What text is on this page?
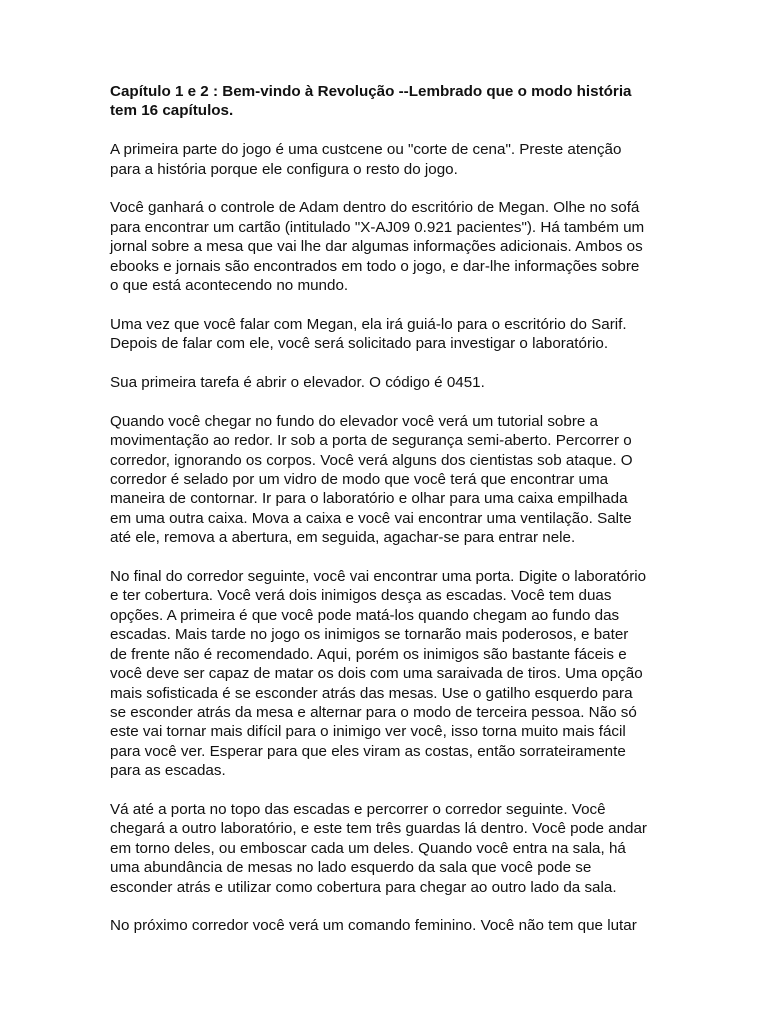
Capítulo 1 e 2 : Bem-vindo à Revolução --Lembrado que o modo história
tem 16 capítulos.

A primeira parte do jogo é uma custcene ou "corte de cena". Preste atenção
para a história porque ele configura o resto do jogo.

Você ganhará o controle de Adam dentro do escritório de Megan. Olhe no sofá
para encontrar um cartão (intitulado "X-AJ09 0.921 pacientes"). Há também um
jornal sobre a mesa que vai lhe dar algumas informações adicionais. Ambos os
ebooks e jornais são encontrados em todo o jogo, e dar-lhe informações sobre
o que está acontecendo no mundo.

Uma vez que você falar com Megan, ela irá guiá-lo para o escritório do Sarif.
Depois de falar com ele, você será solicitado para investigar o laboratório.

Sua primeira tarefa é abrir o elevador. O código é 0451.

Quando você chegar no fundo do elevador você verá um tutorial sobre a
movimentação ao redor. Ir sob a porta de segurança semi-aberto. Percorrer o
corredor, ignorando os corpos. Você verá alguns dos cientistas sob ataque. O
corredor é selado por um vidro de modo que você terá que encontrar uma
maneira de contornar. Ir para o laboratório e olhar para uma caixa empilhada
em uma outra caixa. Mova a caixa e você vai encontrar uma ventilação. Salte
até ele, remova a abertura, em seguida, agachar-se para entrar nele.

No final do corredor seguinte, você vai encontrar uma porta. Digite o laboratório
e ter cobertura. Você verá dois inimigos desça as escadas. Você tem duas
opções. A primeira é que você pode matá-los quando chegam ao fundo das
escadas. Mais tarde no jogo os inimigos se tornarão mais poderosos, e bater
de frente não é recomendado. Aqui, porém os inimigos são bastante fáceis e
você deve ser capaz de matar os dois com uma saraivada de tiros. Uma opção
mais sofisticada é se esconder atrás das mesas. Use o gatilho esquerdo para
se esconder atrás da mesa e alternar para o modo de terceira pessoa. Não só
este vai tornar mais difícil para o inimigo ver você, isso torna muito mais fácil
para você ver. Esperar para que eles viram as costas, então sorrateiramente
para as escadas.

Vá até a porta no topo das escadas e percorrer o corredor seguinte. Você
chegará a outro laboratório, e este tem três guardas lá dentro. Você pode andar
em torno deles, ou emboscar cada um deles. Quando você entra na sala, há
uma abundância de mesas no lado esquerdo da sala que você pode se
esconder atrás e utilizar como cobertura para chegar ao outro lado da sala.

No próximo corredor você verá um comando feminino. Você não tem que lutar
